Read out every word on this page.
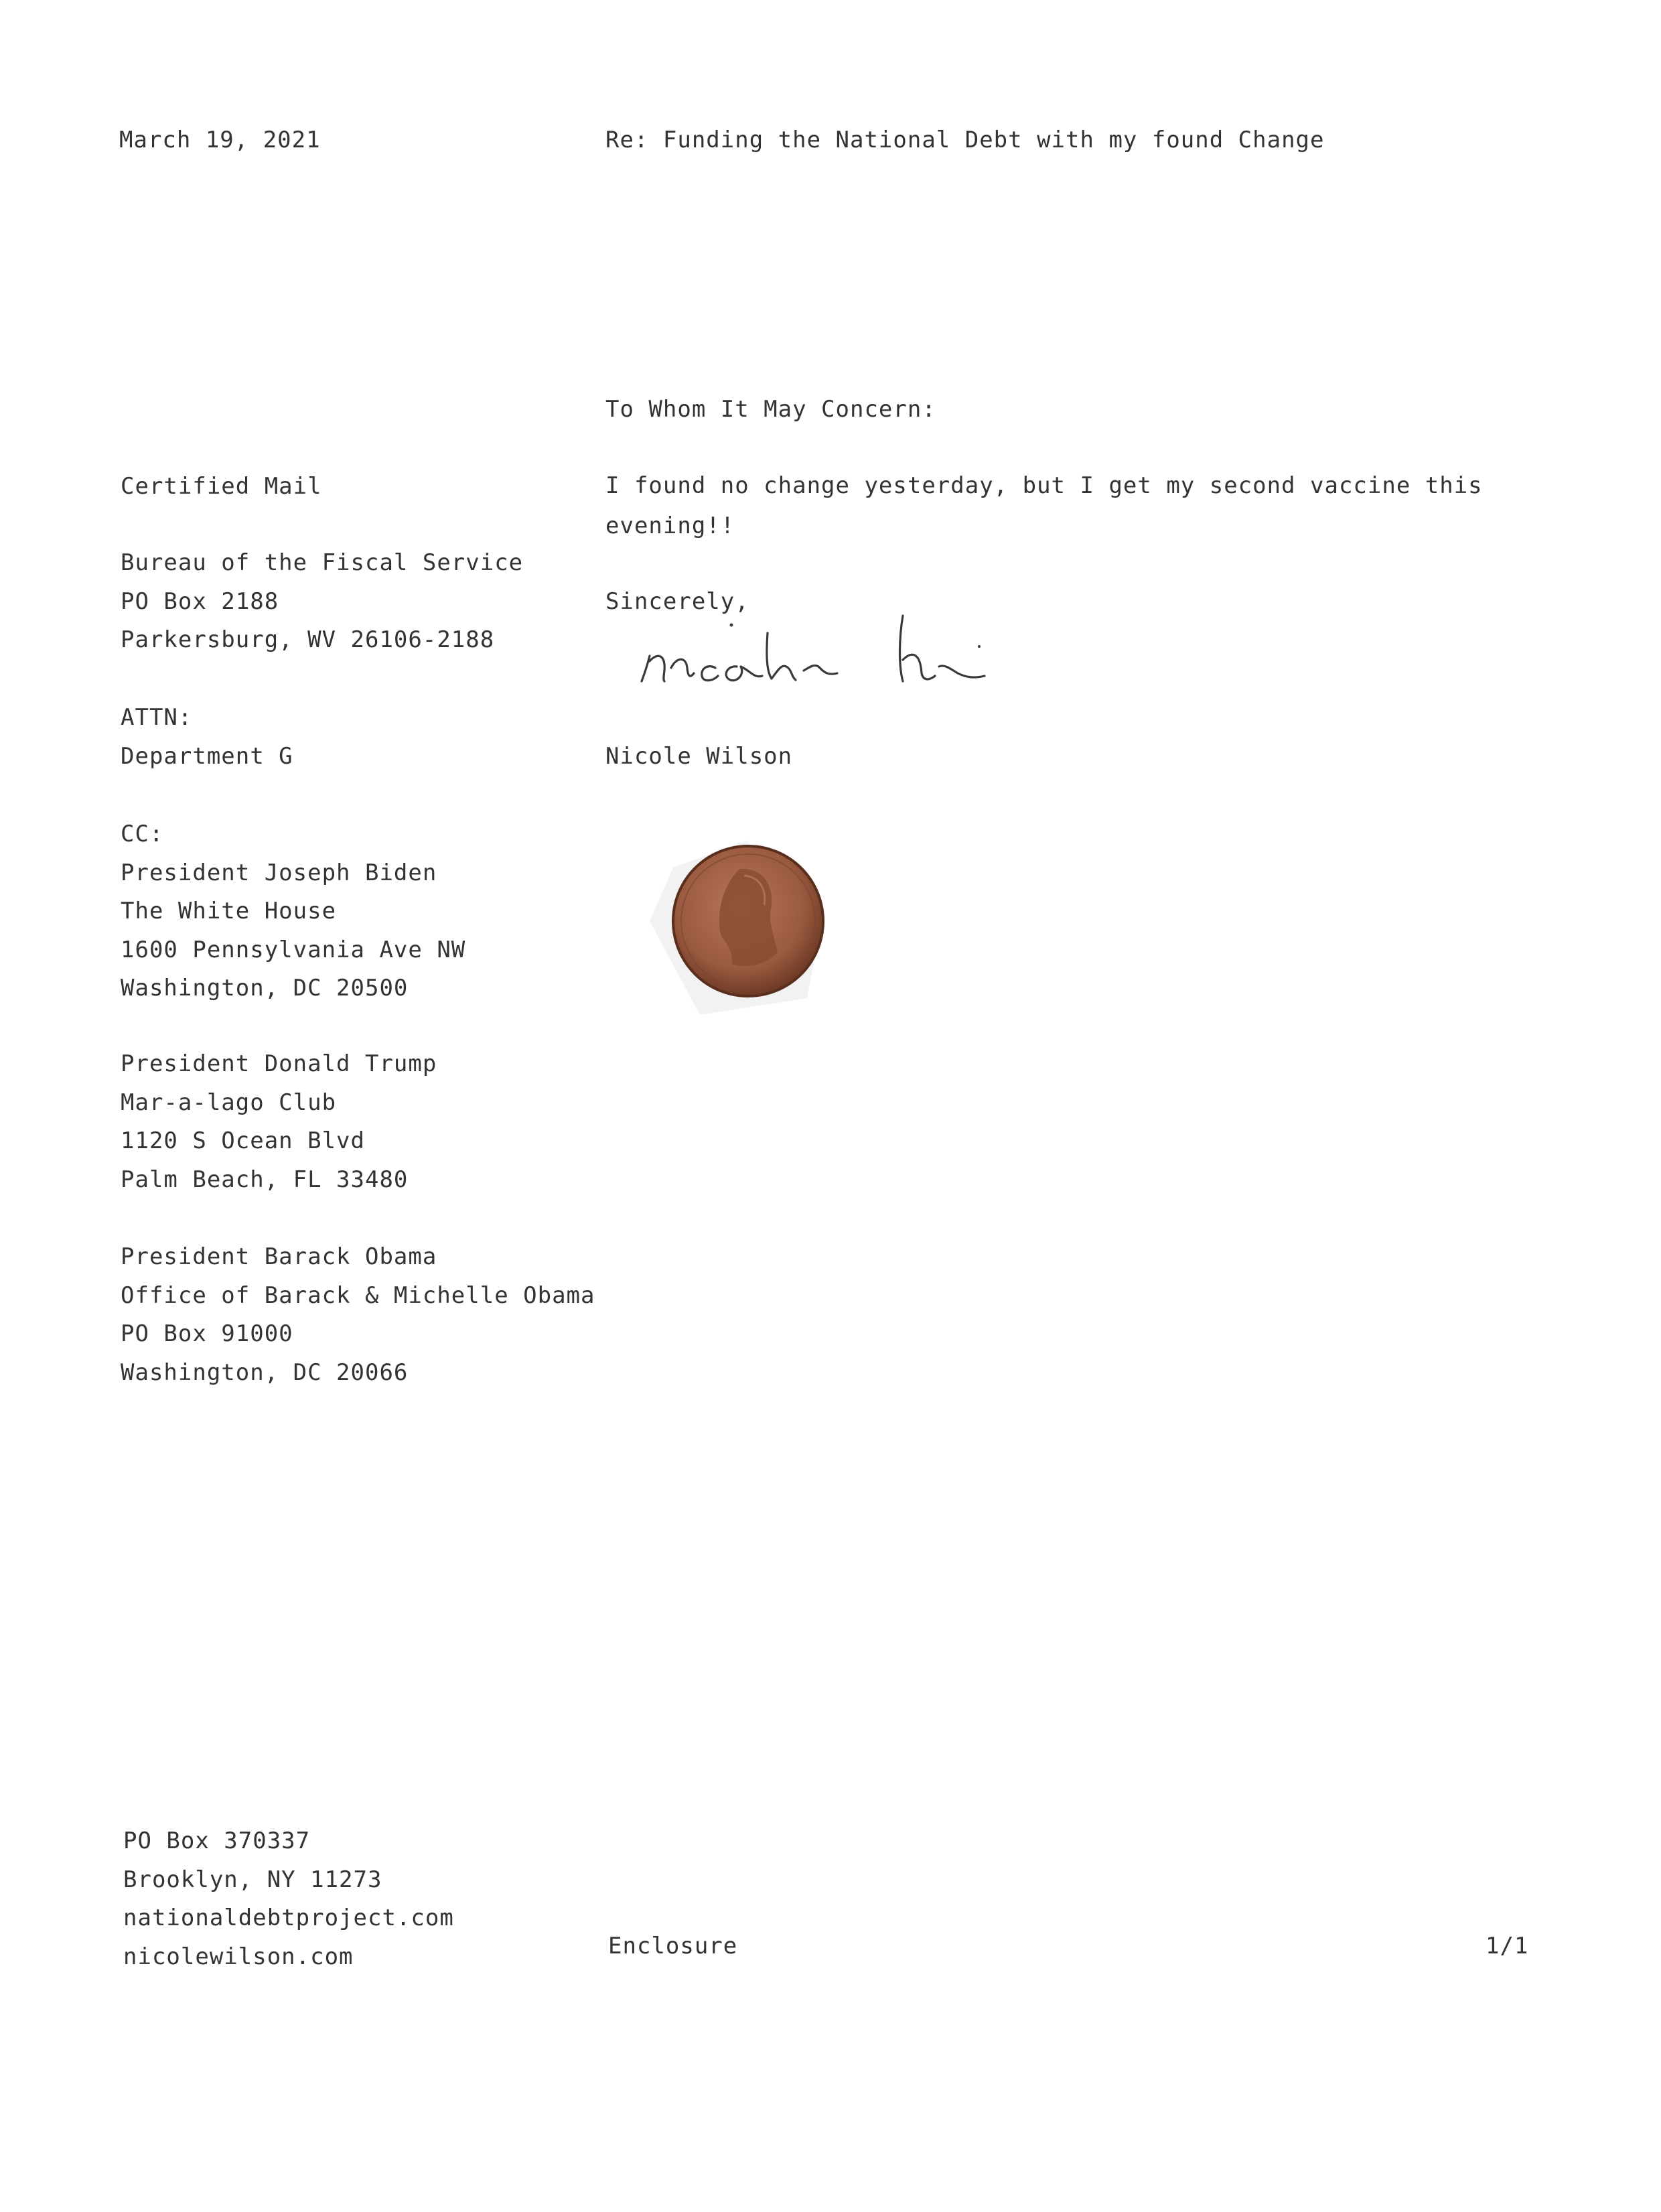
March 19, 2021	Re: Funding the National Debt with my found Change
Certified Mail
Bureau of the Fiscal Service
PO Box 2188
Parkersburg, WV 26106-2188
ATTN:
Department G
CC:
President Joseph Biden
The White House
1600 Pennsylvania Ave NW
Washington, DC 20500
President Donald Trump
Mar-a-lago Club
1120 S Ocean Blvd
Palm Beach, FL 33480
President Barack Obama
Office of Barack & Michelle Obama
PO Box 91000
Washington, DC 20066
To Whom It May Concern:
I found no change yesterday, but I get my second vaccine this
evening!!
Sincerely,
Nicole Wilson
PO Box 370337
Brooklyn, NY 11273
nationaldebtproject.com
nicolewilson.com	Enclosure	1/1
